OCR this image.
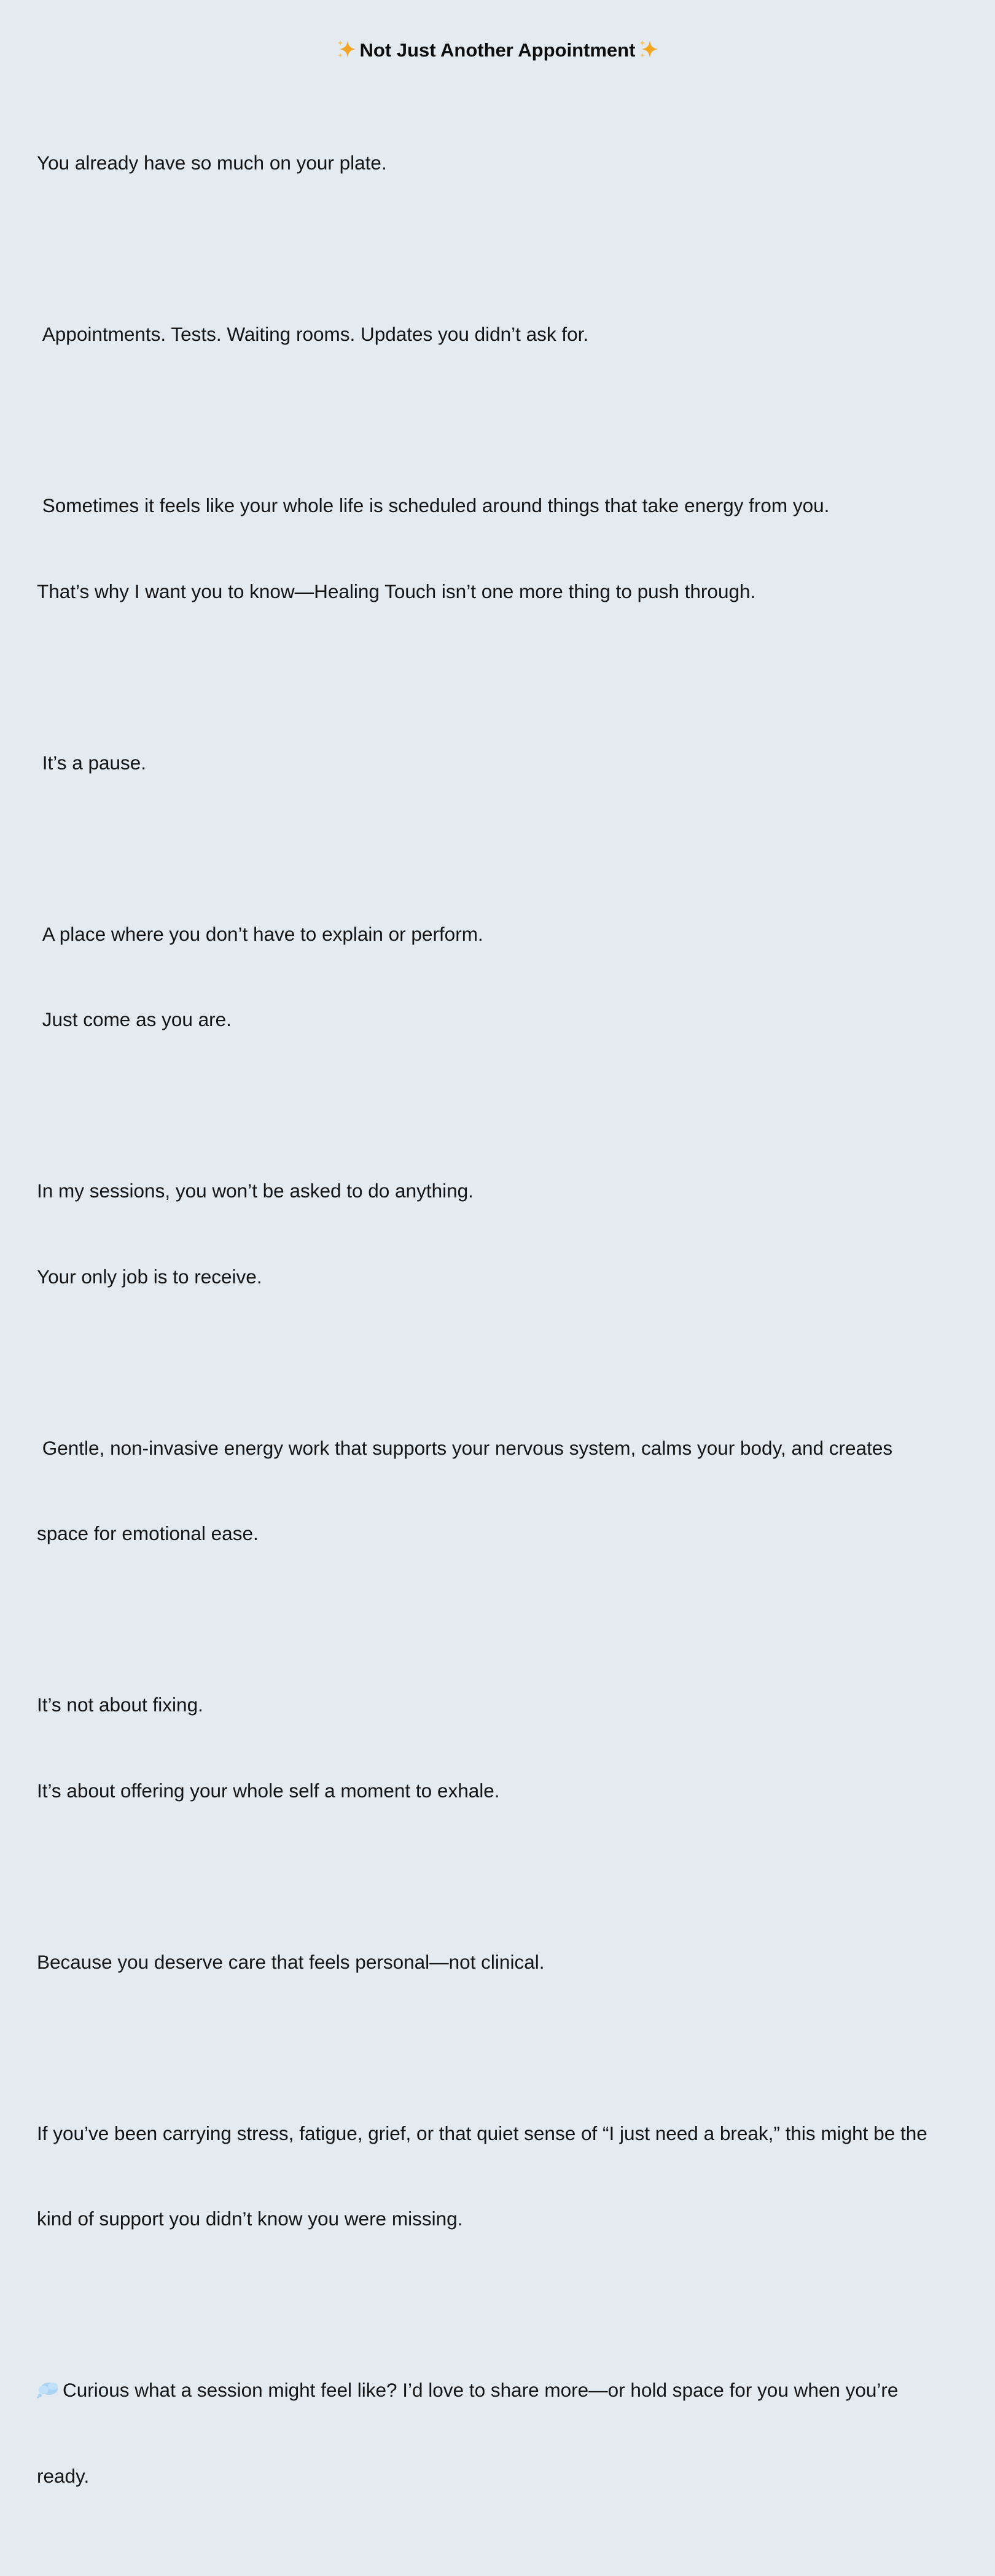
Not Just Another Appointment

You already have so much on your plate.

Appointments. Tests. Waiting rooms. Updates you didn’t ask for.

Sometimes it feels like your whole life is scheduled around things that take energy from you.

That’s why I want you to know—Healing Touch isn’t one more thing to push through.

It’s a pause.

A place where you don’t have to explain or perform.

Just come as you are.

In my sessions, you won’t be asked to do anything.

Your only job is to receive.

Gentle, non-invasive energy work that supports your nervous system, calms your body, and creates

space for emotional ease.

It’s not about fixing.

It’s about offering your whole self a moment to exhale.

Because you deserve care that feels personal—not clinical.

If you’ve been carrying stress, fatigue, grief, or that quiet sense of “I just need a break,” this might be the

kind of support you didn’t know you were missing.

Curious what a session might feel like? I’d love to share more—or hold space for you when you’re

ready.
